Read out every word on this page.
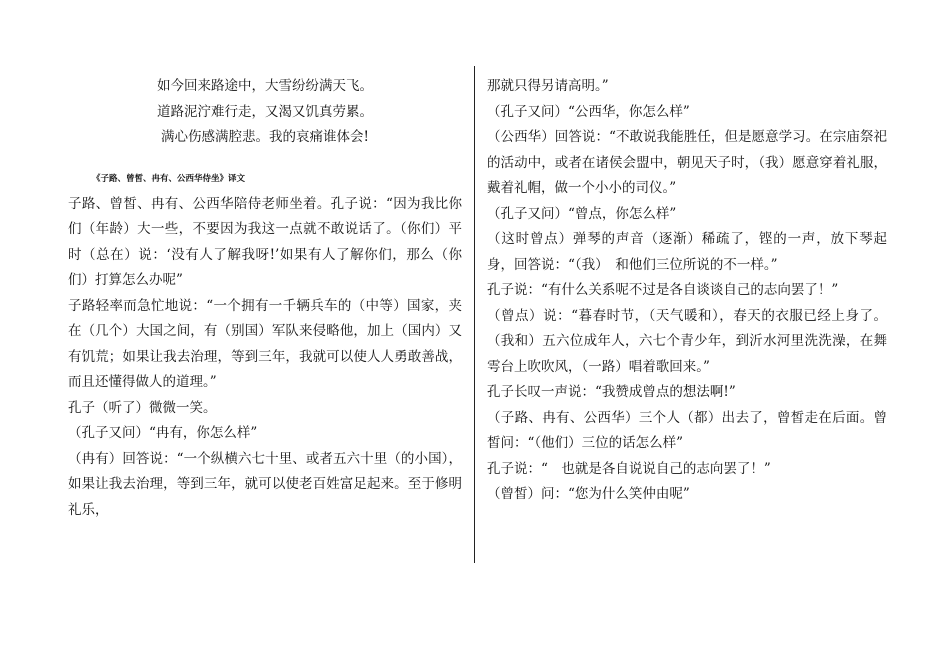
如今回来路途中，大雪纷纷满天飞。

道路泥泞难行走，又渴又饥真劳累。

满心伤感满腔悲。我的哀痛谁体会!

《子路、曾皙、冉有、公西华侍坐》译文

子路、曾皙、冉有、公西华陪侍老师坐着。孔子说：“因为我比你们（年龄）大一些，不要因为我这一点就不敢说话了。（你们）平时（总在）说：‘没有人了解我呀!’如果有人了解你们，那么（你们）打算怎么办呢”

子路轻率而急忙地说：“一个拥有一千辆兵车的（中等）国家，夹在（几个）大国之间，有（别国）军队来侵略他，加上（国内）又有饥荒；如果让我去治理，等到三年，我就可以使人人勇敢善战，而且还懂得做人的道理。”

孔子（听了）微微一笑。

（孔子又问）“冉有，你怎么样”

（冉有）回答说：“一个纵横六七十里、或者五六十里（的小国），如果让我去治理，等到三年，就可以使老百姓富足起来。至于修明礼乐，

那就只得另请高明。”

（孔子又问）“公西华，你怎么样”

（公西华）回答说：“不敢说我能胜任，但是愿意学习。在宗庙祭祀的活动中，或者在诸侯会盟中，朝见天子时，（我）愿意穿着礼服，戴着礼帽，做一个小小的司仪。”

（孔子又问）“曾点，你怎么样”

（这时曾点）弹琴的声音（逐渐）稀疏了，铿的一声，放下琴起身，回答说：“（我）　和他们三位所说的不一样。”

孔子说：“有什么关系呢不过是各自谈谈自己的志向罢了！”

（曾点）说：“暮春时节，（天气暖和），春天的衣服已经上身了。（我和）五六位成年人，六七个青少年，到沂水河里洗洗澡，在舞雩台上吹吹风，（一路）唱着歌回来。”

孔子长叹一声说：“我赞成曾点的想法啊!”

（子路、冉有、公西华）三个人（都）出去了，曾皙走在后面。曾皙问：“（他们）三位的话怎么样”

孔子说：“　也就是各自说说自己的志向罢了！”

（曾皙）问：“您为什么笑仲由呢”
